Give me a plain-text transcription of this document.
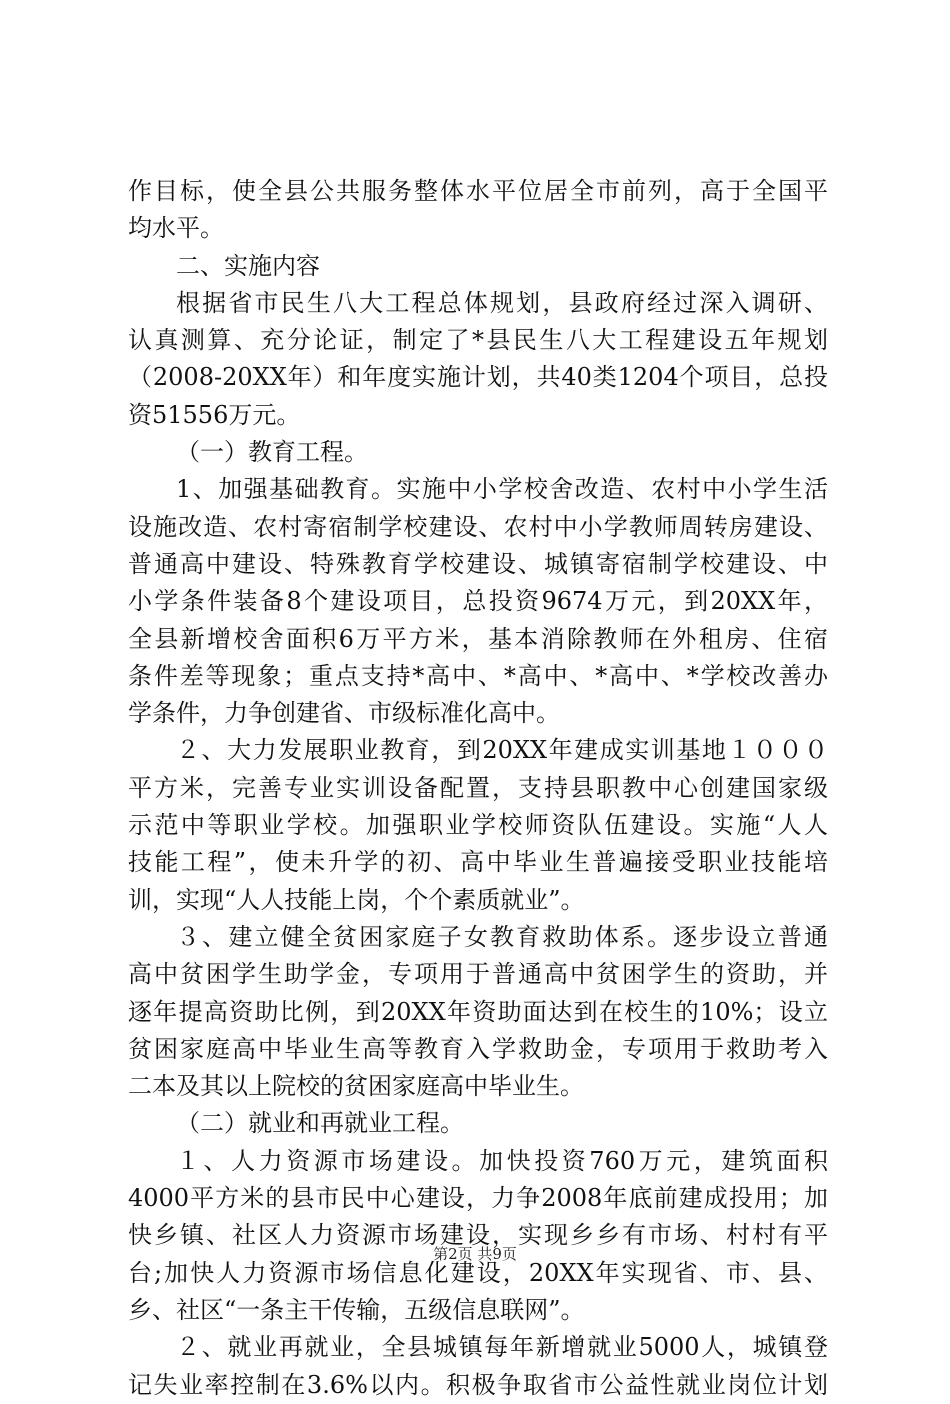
作目标，使全县公共服务整体水平位居全市前列，高于全国平
均水平。
二、实施内容
根据省市民生八大工程总体规划，县政府经过深入调研、
认真测算、充分论证，制定了*县民生八大工程建设五年规划
（2008-20XX年）和年度实施计划，共40类1204个项目，总投
资51556万元。
（一）教育工程。
1、加强基础教育。实施中小学校舍改造、农村中小学生活
设施改造、农村寄宿制学校建设、农村中小学教师周转房建设、
普通高中建设、特殊教育学校建设、城镇寄宿制学校建设、中
小学条件装备8个建设项目，总投资9674万元，到20XX年，
全县新增校舍面积6万平方米，基本消除教师在外租房、住宿
条件差等现象；重点支持*高中、*高中、*高中、*学校改善办
学条件，力争创建省、市级标准化高中。
２、大力发展职业教育，到20XX年建成实训基地１０００
平方米，完善专业实训设备配置，支持县职教中心创建国家级
示范中等职业学校。加强职业学校师资队伍建设。实施“人人
技能工程”，使未升学的初、高中毕业生普遍接受职业技能培
训，实现“人人技能上岗，个个素质就业”。
３、建立健全贫困家庭子女教育救助体系。逐步设立普通
高中贫困学生助学金，专项用于普通高中贫困学生的资助，并
逐年提高资助比例，到20XX年资助面达到在校生的10%；设立
贫困家庭高中毕业生高等教育入学救助金，专项用于救助考入
二本及其以上院校的贫困家庭高中毕业生。
（二）就业和再就业工程。
１、人力资源市场建设。加快投资760万元，建筑面积
4000平方米的县市民中心建设，力争2008年底前建成投用；加
快乡镇、社区人力资源市场建设，实现乡乡有市场、村村有平
台;加快人力资源市场信息化建设，20XX年实现省、市、县、
乡、社区“一条主干传输，五级信息联网”。
２、就业再就业，全县城镇每年新增就业5000人，城镇登
记失业率控制在3.6%以内。积极争取省市公益性就业岗位计划
第2页 共9页
